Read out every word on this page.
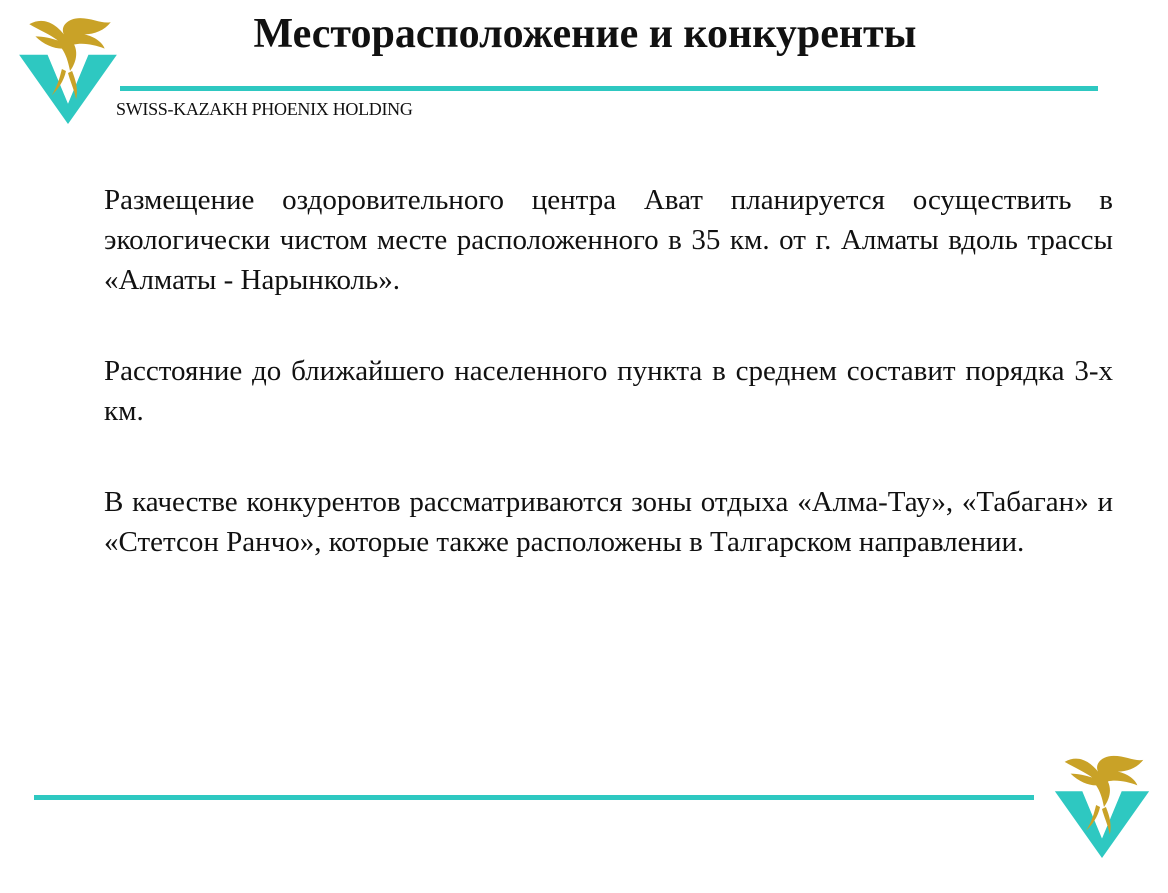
Месторасположение и конкуренты
SWISS-KAZAKH PHOENIX HOLDING

Размещение оздоровительного центра Ават планируется осуществить в экологически чистом месте расположенного в 35 км. от г. Алматы вдоль трассы «Алматы - Нарынколь».

Расстояние до ближайшего населенного пункта в среднем составит порядка 3-х км.

В качестве конкурентов рассматриваются зоны отдыха «Алма-Тау», «Табаган» и «Стетсон Ранчо», которые также расположены в Талгарском направлении.
